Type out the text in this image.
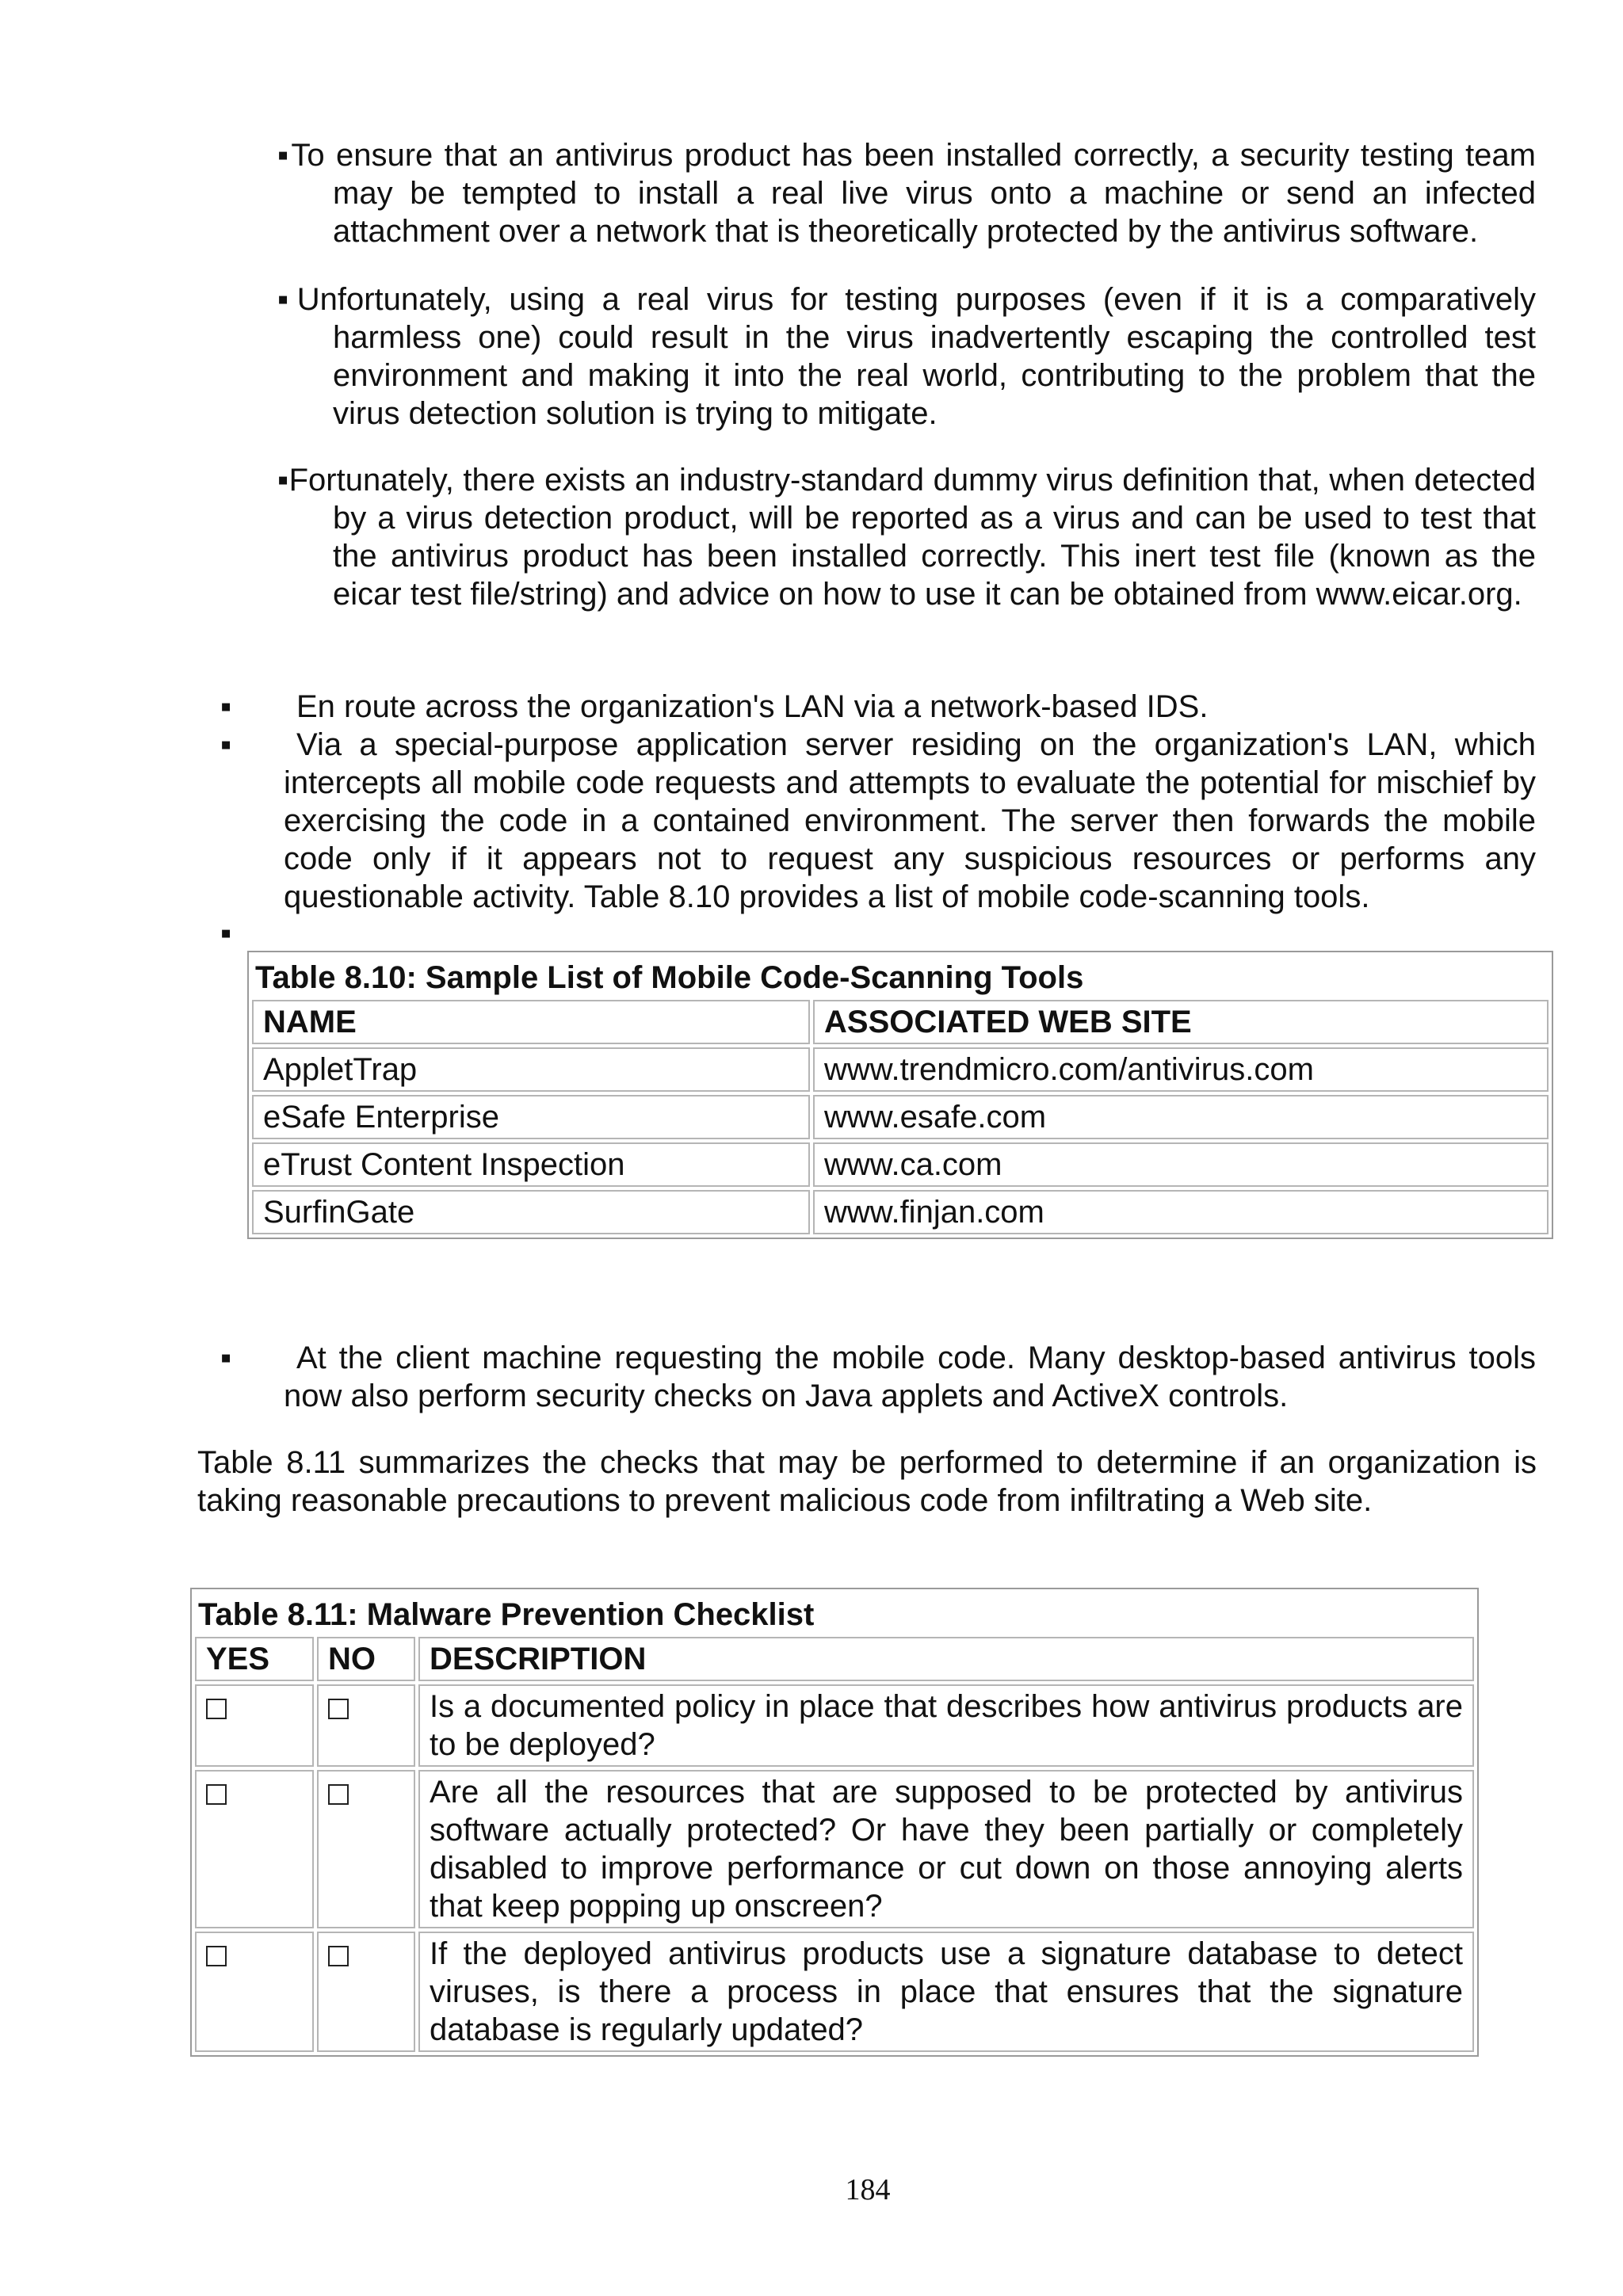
▪To ensure that an antivirus product has been installed correctly, a security testing team may be tempted to install a real live virus onto a machine or send an infected attachment over a network that is theoretically protected by the antivirus software.
▪Unfortunately, using a real virus for testing purposes (even if it is a comparatively harmless one) could result in the virus inadvertently escaping the controlled test environment and making it into the real world, contributing to the problem that the virus detection solution is trying to mitigate.
▪Fortunately, there exists an industry-standard dummy virus definition that, when detected by a virus detection product, will be reported as a virus and can be used to test that the antivirus product has been installed correctly. This inert test file (known as the eicar test file/string) and advice on how to use it can be obtained from www.eicar.org.
▪	En route across the organization's LAN via a network-based IDS.
▪	Via a special-purpose application server residing on the organization's LAN, which intercepts all mobile code requests and attempts to evaluate the potential for mischief by exercising the code in a contained environment. The server then forwards the mobile code only if it appears not to request any suspicious resources or performs any questionable activity. Table 8.10 provides a list of mobile code-scanning tools.
▪
Table 8.10: Sample List of Mobile Code-Scanning Tools	
NAME	ASSOCIATED WEB SITE
AppletTrap	www.trendmicro.com/antivirus.com
eSafe Enterprise	www.esafe.com
eTrust Content Inspection	www.ca.com
SurfinGate	www.finjan.com
▪	At the client machine requesting the mobile code. Many desktop-based antivirus tools now also perform security checks on Java applets and ActiveX controls.
Table 8.11 summarizes the checks that may be performed to determine if an organization is taking reasonable precautions to prevent malicious code from infiltrating a Web site.
Table 8.11: Malware Prevention Checklist		
YES	NO	DESCRIPTION
		Is a documented policy in place that describes how antivirus products are to be deployed?
		Are all the resources that are supposed to be protected by antivirus software actually protected? Or have they been partially or completely disabled to improve performance or cut down on those annoying alerts that keep popping up onscreen?
		If the deployed antivirus products use a signature database to detect viruses, is there a process in place that ensures that the signature database is regularly updated?
184
